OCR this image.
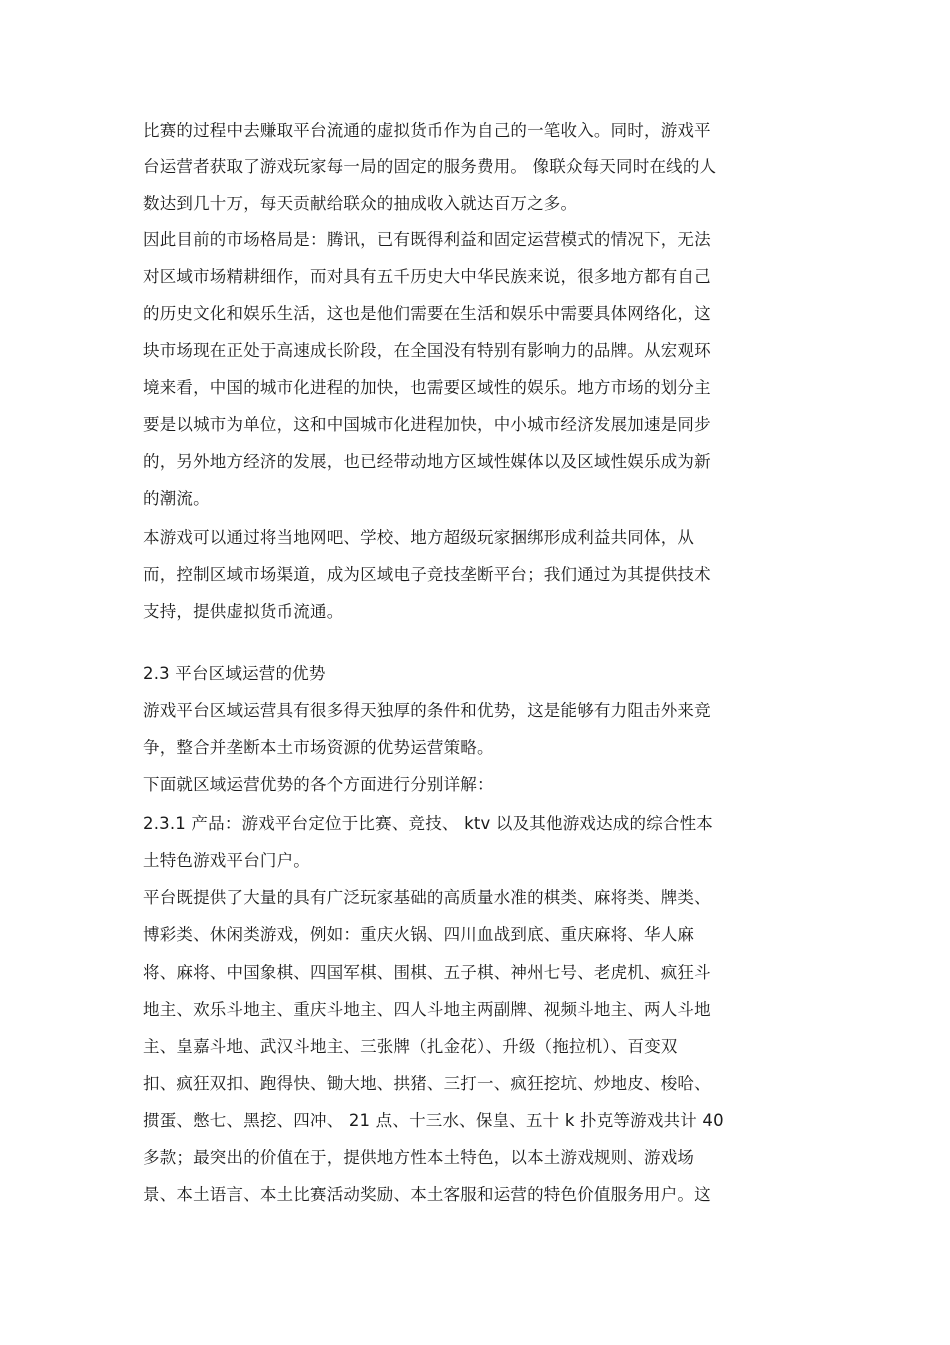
比赛的过程中去赚取平台流通的虚拟货币作为自己的一笔收入。同时，游戏平
台运营者获取了游戏玩家每一局的固定的服务费用。 像联众每天同时在线的人
数达到几十万，每天贡献给联众的抽成收入就达百万之多。
因此目前的市场格局是：腾讯，已有既得利益和固定运营模式的情况下，无法
对区域市场精耕细作，而对具有五千历史大中华民族来说，很多地方都有自己
的历史文化和娱乐生活，这也是他们需要在生活和娱乐中需要具体网络化，这
块市场现在正处于高速成长阶段，在全国没有特别有影响力的品牌。从宏观环
境来看，中国的城市化进程的加快，也需要区域性的娱乐。地方市场的划分主
要是以城市为单位，这和中国城市化进程加快，中小城市经济发展加速是同步
的，另外地方经济的发展，也已经带动地方区域性媒体以及区域性娱乐成为新
的潮流。
本游戏可以通过将当地网吧、学校、地方超级玩家捆绑形成利益共同体，从
而，控制区域市场渠道，成为区域电子竞技垄断平台；我们通过为其提供技术
支持，提供虚拟货币流通。
2.3 平台区域运营的优势
游戏平台区域运营具有很多得天独厚的条件和优势，这是能够有力阻击外来竞
争，整合并垄断本土市场资源的优势运营策略。
下面就区域运营优势的各个方面进行分别详解：
2.3.1 产品：游戏平台定位于比赛、竞技、 ktv 以及其他游戏达成的综合性本
土特色游戏平台门户。
平台既提供了大量的具有广泛玩家基础的高质量水准的棋类、麻将类、牌类、
博彩类、休闲类游戏，例如：重庆火锅、四川血战到底、重庆麻将、华人麻
将、麻将、中国象棋、四国军棋、围棋、五子棋、神州七号、老虎机、疯狂斗
地主、欢乐斗地主、重庆斗地主、四人斗地主两副牌、视频斗地主、两人斗地
主、皇嘉斗地、武汉斗地主、三张牌（扎金花）、升级（拖拉机）、百变双
扣、疯狂双扣、跑得快、锄大地、拱猪、三打一、疯狂挖坑、炒地皮、梭哈、
掼蛋、憋七、黑挖、四冲、 21 点、十三水、保皇、五十 k 扑克等游戏共计 40
多款；最突出的价值在于，提供地方性本土特色，以本土游戏规则、游戏场
景、本土语言、本土比赛活动奖励、本土客服和运营的特色价值服务用户。这
